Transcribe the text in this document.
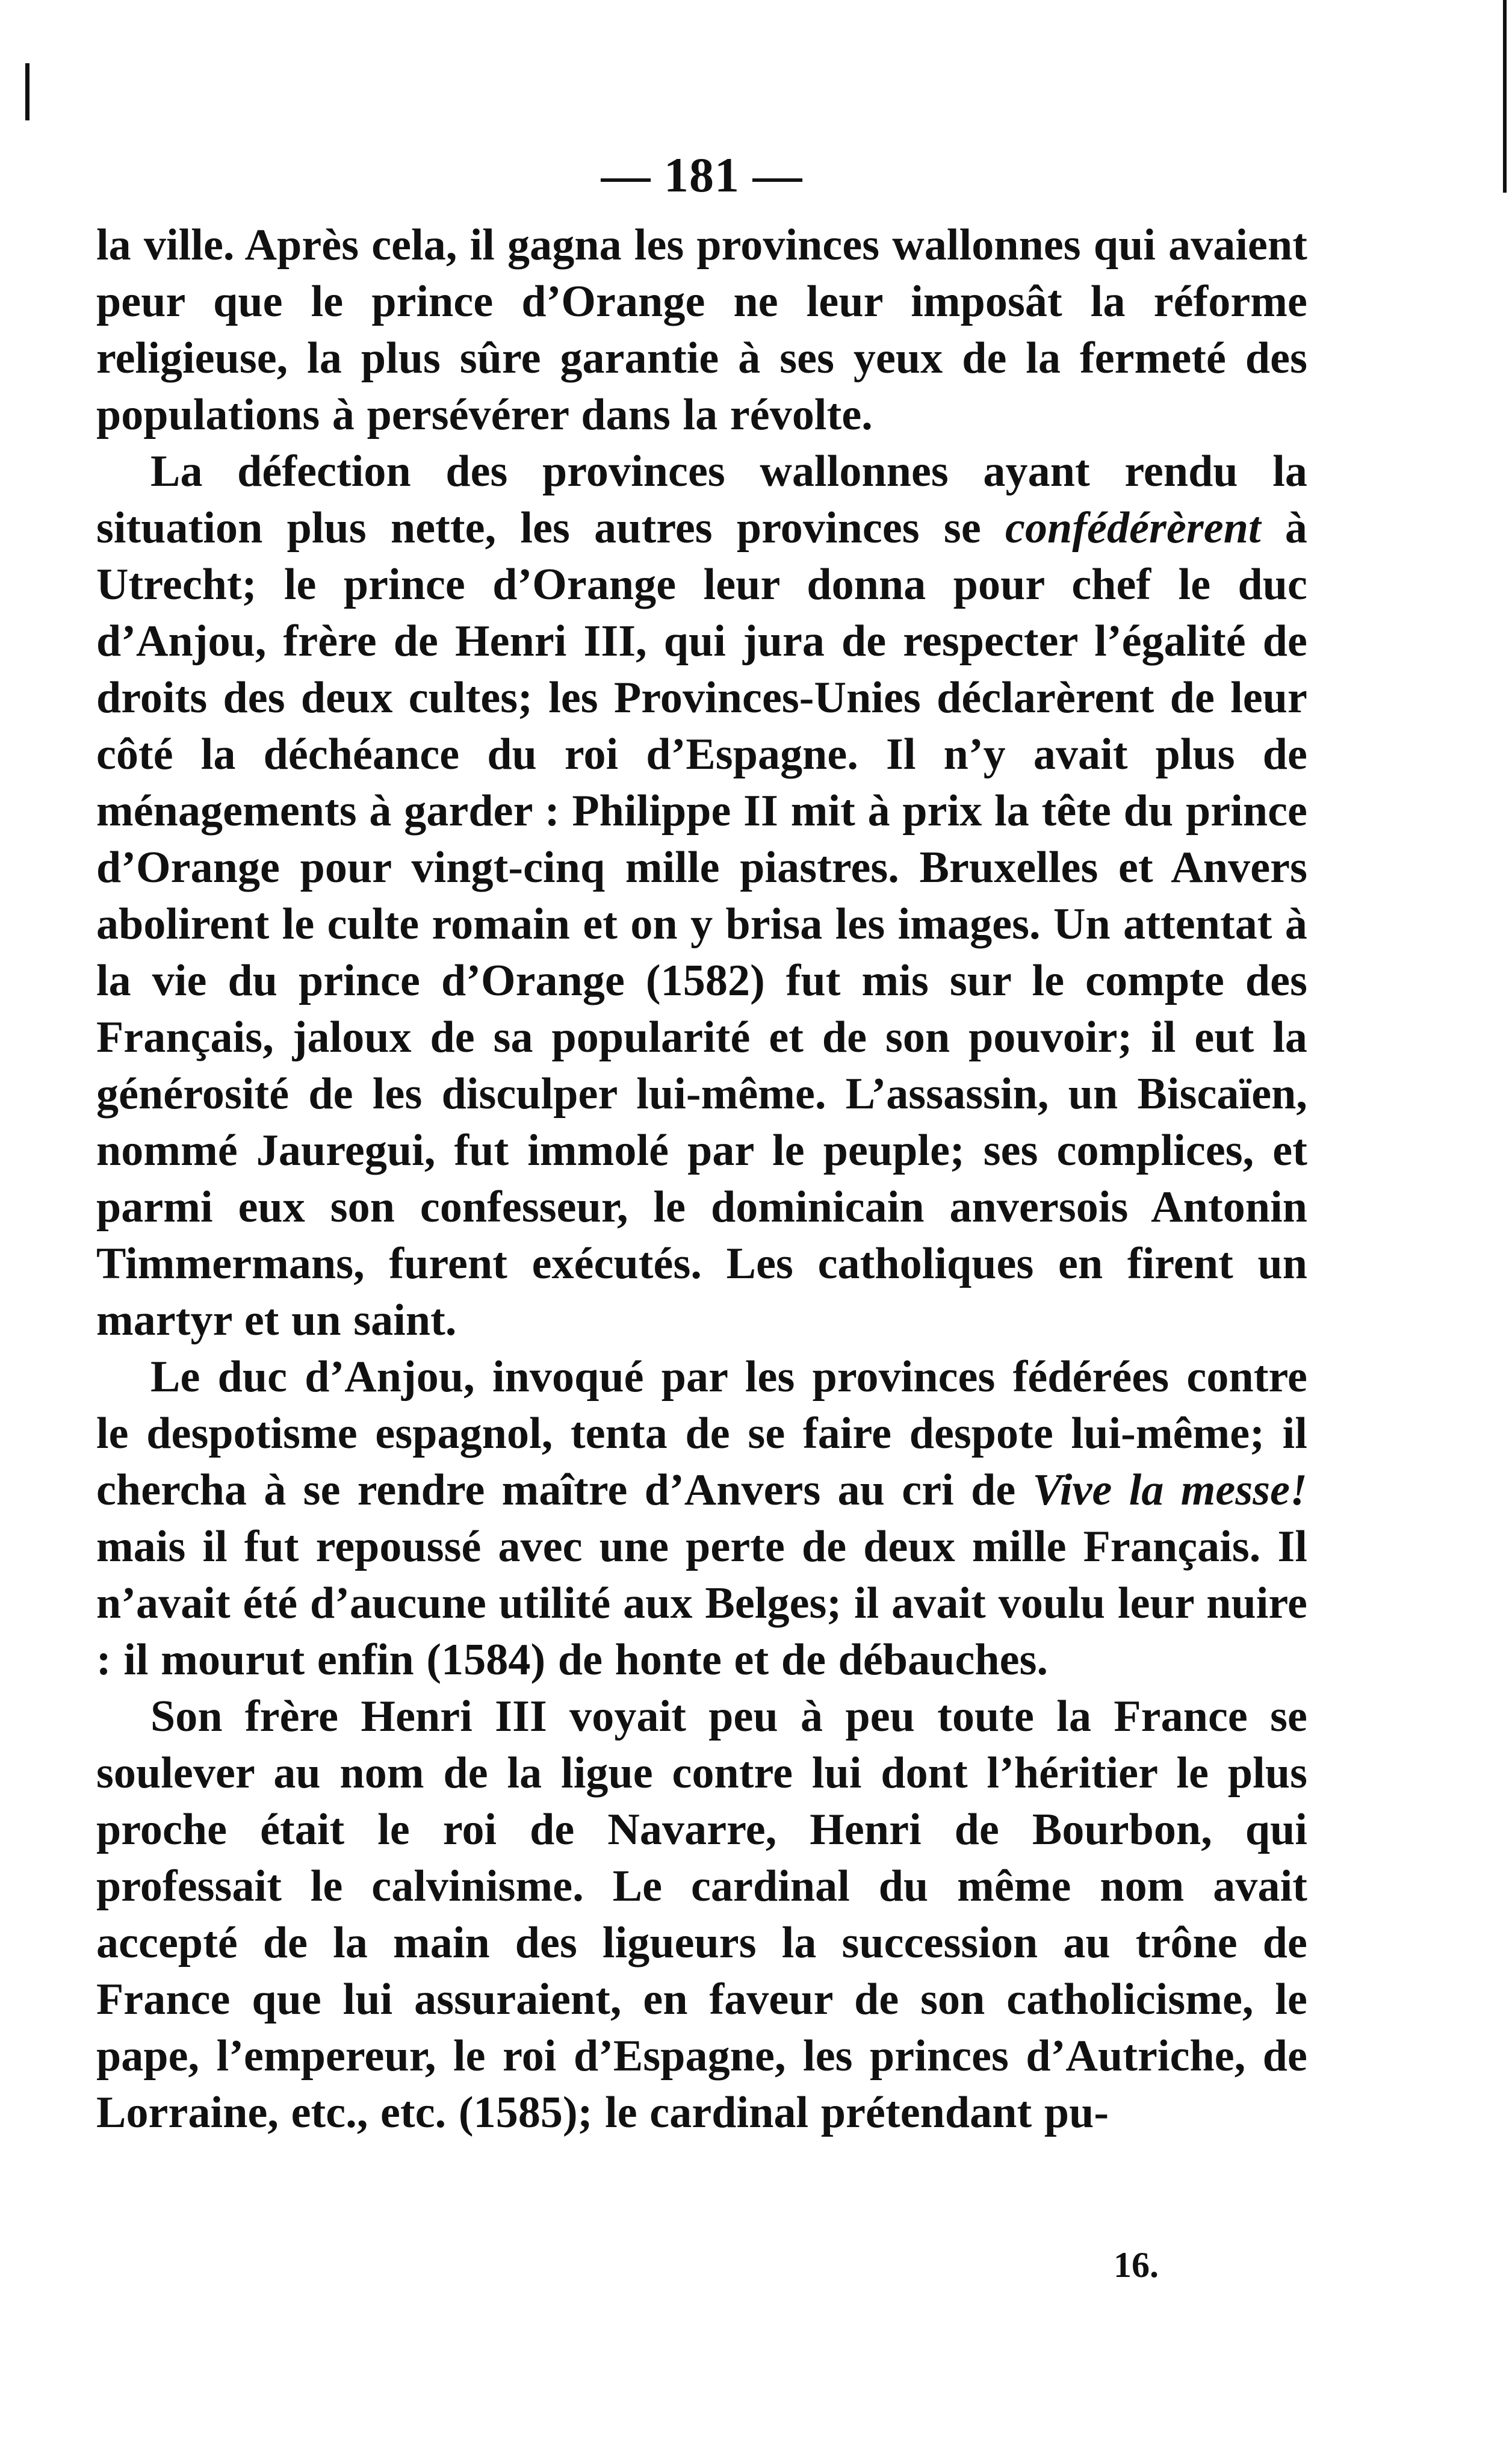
— 181 —

la ville. Après cela, il gagna les provinces wallonnes qui avaient peur que le prince d’Orange ne leur imposât la réforme religieuse, la plus sûre garantie à ses yeux de la fermeté des populations à persévérer dans la révolte.

La défection des provinces wallonnes ayant rendu la situation plus nette, les autres provinces se confédérèrent à Utrecht; le prince d’Orange leur donna pour chef le duc d’Anjou, frère de Henri III, qui jura de respecter l’égalité de droits des deux cultes; les Provinces-Unies déclarèrent de leur côté la déchéance du roi d’Espagne. Il n’y avait plus de ménagements à garder : Philippe II mit à prix la tête du prince d’Orange pour vingt-cinq mille piastres. Bruxelles et Anvers abolirent le culte romain et on y brisa les images. Un attentat à la vie du prince d’Orange (1582) fut mis sur le compte des Français, jaloux de sa popularité et de son pouvoir; il eut la générosité de les disculper lui-même. L’assassin, un Biscaïen, nommé Jauregui, fut immolé par le peuple; ses complices, et parmi eux son confesseur, le dominicain anversois Antonin Timmermans, furent exécutés. Les catholiques en firent un martyr et un saint.

Le duc d’Anjou, invoqué par les provinces fédérées contre le despotisme espagnol, tenta de se faire despote lui-même; il chercha à se rendre maître d’Anvers au cri de Vive la messe! mais il fut repoussé avec une perte de deux mille Français. Il n’avait été d’aucune utilité aux Belges; il avait voulu leur nuire : il mourut enfin (1584) de honte et de débauches.

Son frère Henri III voyait peu à peu toute la France se soulever au nom de la ligue contre lui dont l’héritier le plus proche était le roi de Navarre, Henri de Bourbon, qui professait le calvinisme. Le cardinal du même nom avait accepté de la main des ligueurs la succession au trône de France que lui assuraient, en faveur de son catholicisme, le pape, l’empereur, le roi d’Espagne, les princes d’Autriche, de Lorraine, etc., etc. (1585); le cardinal prétendant pu-

16.
